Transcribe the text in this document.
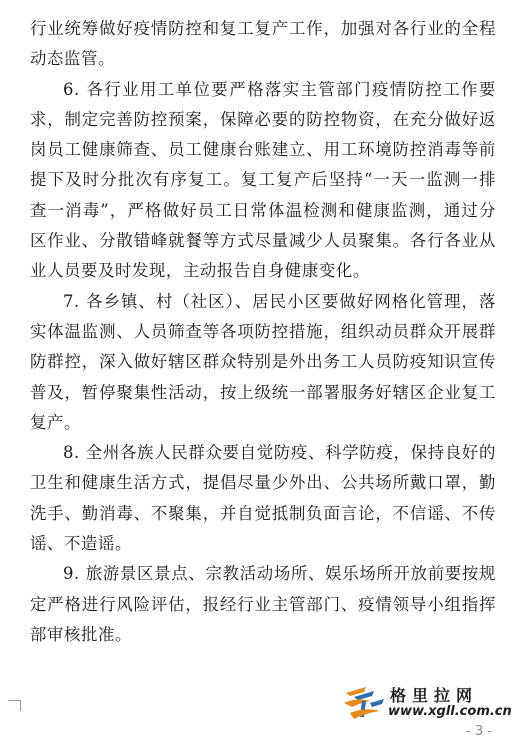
行业统筹做好疫情防控和复工复产工作，加强对各行业的全程动态监管。

6. 各行业用工单位要严格落实主管部门疫情防控工作要求，制定完善防控预案，保障必要的防控物资，在充分做好返岗员工健康筛查、员工健康台账建立、用工环境防控消毒等前提下及时分批次有序复工。复工复产后坚持“一天一监测一排查一消毒”，严格做好员工日常体温检测和健康监测，通过分区作业、分散错峰就餐等方式尽量减少人员聚集。各行各业从业人员要及时发现，主动报告自身健康变化。

7. 各乡镇、村（社区）、居民小区要做好网格化管理，落实体温监测、人员筛查等各项防控措施，组织动员群众开展群防群控，深入做好辖区群众特别是外出务工人员防疫知识宣传普及，暂停聚集性活动，按上级统一部署服务好辖区企业复工复产。

8. 全州各族人民群众要自觉防疫、科学防疫，保持良好的卫生和健康生活方式，提倡尽量少外出、公共场所戴口罩，勤洗手、勤消毒、不聚集，并自觉抵制负面言论，不信谣、不传谣、不造谣。

9. 旅游景区景点、宗教活动场所、娱乐场所开放前要按规定严格进行风险评估，报经行业主管部门、疫情领导小组指挥部审核批准。

格里拉网
www.xgll.com.cn
- 3 -
